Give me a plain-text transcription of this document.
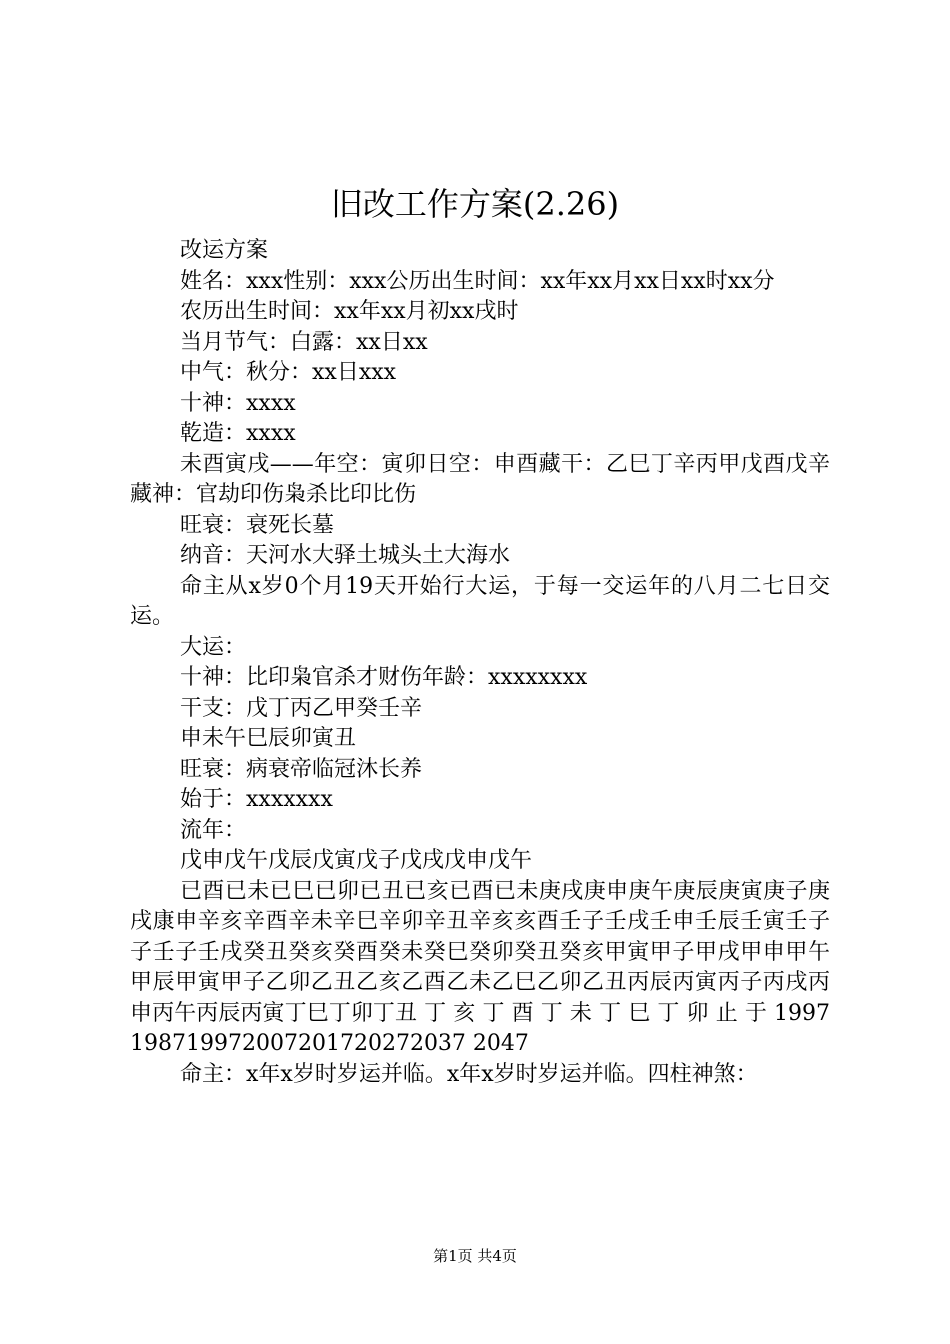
旧改工作方案(2.26)

改运方案

姓名：xxx性别：xxx公历出生时间：xx年xx月xx日xx时xx分

农历出生时间：xx年xx月初xx戌时

当月节气：白露：xx日xx

中气：秋分：xx日xxx

十神：xxxx

乾造：xxxx

未酉寅戌——年空：寅卯日空：申酉藏干：乙巳丁辛丙甲戊酉戊辛藏神：官劫印伤枭杀比印比伤

旺衰：衰死长墓

纳音：天河水大驿土城头土大海水

命主从x岁0个月19天开始行大运，于每一交运年的八月二七日交运。

大运：

十神：比印枭官杀才财伤年龄：xxxxxxxx

干支：戊丁丙乙甲癸壬辛

申未午巳辰卯寅丑

旺衰：病衰帝临冠沐长养

始于：xxxxxxx

流年：

戊申戊午戊辰戊寅戊子戊戌戊申戊午

已酉已未已巳已卯已丑已亥已酉已未庚戌庚申庚午庚辰庚寅庚子庚戌康申辛亥辛酉辛未辛巳辛卯辛丑辛亥亥酉壬子壬戌壬申壬辰壬寅壬子子壬子壬戌癸丑癸亥癸酉癸未癸巳癸卯癸丑癸亥甲寅甲子甲戌甲申甲午甲辰甲寅甲子乙卯乙丑乙亥乙酉乙未乙巳乙卯乙丑丙辰丙寅丙子丙戌丙申丙午丙辰丙寅丁巳丁卯丁丑 丁 亥 丁 酉 丁 未 丁 巳 丁 卯 止 于 1997198719972007201720272037 2047

命主：x年x岁时岁运并临。x年x岁时岁运并临。四柱神煞：

第1页 共4页
